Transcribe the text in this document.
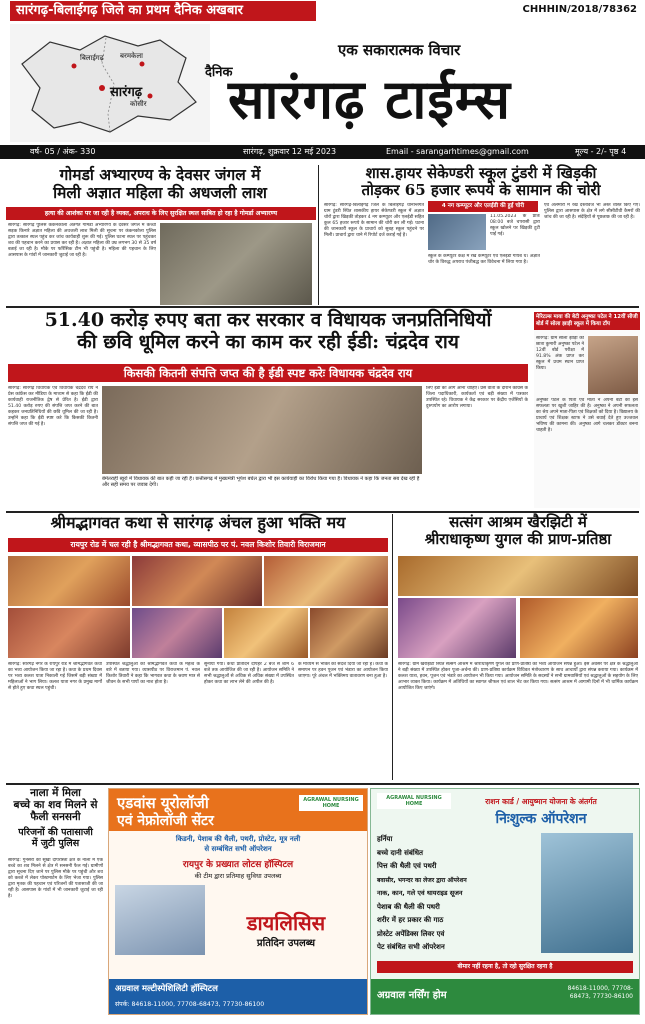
सारंगढ़-बिलाईगढ़ जिले का प्रथम दैनिक अखबार	CHHHIN/2018/78362
बिलाईगढ़ बरमकेला
कोसीर
सारंगढ़
एक सकारात्मक विचार
दैनिक
सारंगढ़ टाईम्स
वर्ष- 05 / अंक- 330	सारंगढ़, शुक्रवार 12 मई 2023	Email - sarangarhtimes@gmail.com	मूल्य - 2/- पृष्ठ 4
गोमर्डा अभ्यारण्य के देवसर जंगल में
मिली अज्ञात महिला की अधजली लाश
हत्या की आशंका पर जा रही है व्यक्त, अपराध के लिए सुरक्षित स्थल साबित हो रहा है गोमर्डा अभ्यारण्य
सारंगढ़: सारंगढ़ पुलिस कंकनकोला अंतर्गत गोमर्डा अभ्यारण्य के देवसर जंगल में कच्ची सड़क किनारे अज्ञात महिला की अधजली लाश मिली की सूचना पर कंकनकोला पुलिस द्वारा तत्काल स्थल पहुंच कर जांच कार्यवाही शुरू की गई। पुलिस घटना स्थल पर पहुंचकर शव की पहचान करने का प्रयास कर रही है। अज्ञात महिला की उम्र लगभग 30 से 35 वर्ष बताई जा रही है। मौके पर फॉरेंसिक टीम भी पहुंची है। महिला की पहचान के लिए आसपास के गांवों में जानकारी जुटाई जा रही है।
शास.हायर सेकेण्डरी स्कूल टुंडरी में खिड़की
तोड़कर 65 हजार रूपये के सामान की चोरी
सारंगढ़: सारंगढ़-बिलाईगढ़ जिले के बिलाईगढ़ थानान्तर्गत ग्राम टुंडरी स्थित शासकीय हायर सेकेण्डरी स्कूल में अज्ञात चोरों द्वारा खिड़की तोड़कर 4 नग कम्प्यूटर और एलईडी सहित कुल 65 हजार रूपये के सामान की चोरी कर ली गई। घटना की जानकारी स्कूल के प्राचार्य को सुबह स्कूल पहुंचने पर मिली। प्राचार्य द्वारा थाने में रिपोर्ट दर्ज कराई गई है।
4 नग कम्प्यूटर और एलईडी की हुई चोरी
11.05.2023 के प्रातः 08:00 बजे चपरासी द्वारा स्कूल खोलने पर खिड़की टूटी पाई गई।
स्कूल के कम्प्यूटर कक्ष में रखे कम्प्यूटर एवं एलईडी गायब थे। अज्ञात चोर के विरुद्ध अपराध पंजीबद्ध कर विवेचना में लिया गया है।
एवं अलमारी में रखे दस्तावेज भी अस्त व्यस्त किए गए। पुलिस द्वारा आसपास के क्षेत्र में लगे सीसीटीवी कैमरों की जांच की जा रही है। संदेहियों से पूछताछ की जा रही है।
51.40 करोड़ रुपए बता कर सरकार व विधायक जनप्रतिनिधियों
की छवि धूमिल करने का काम कर रही ईडी: चंद्रदेव राय
किसकी कितनी संपत्ति जप्त की है ईडी स्पष्ट करेः विधायक चंद्रदेव राय
सारंगढ़: सारंगढ़ विधायक एवं विधायक चंद्रदेव राय ने प्रेस कांफ्रेंस कर मीडिया के माध्यम से कहा कि ईडी की कार्यवाही राजनीतिक द्वेष से प्रेरित है। ईडी द्वारा 51.40 करोड़ रुपए की संपत्ति जप्त करने की बात कहकर जनप्रतिनिधियों की छवि धूमिल की जा रही है। उन्होंने कहा कि ईडी स्पष्ट करे कि किसकी कितनी संपत्ति जप्त की गई है।
बेमेतराही ब्यूरो में विधायक की बात कही जा रही है। छत्तीसगढ़ में मुख्यमंत्री भूपेश बघेल द्वारा भी इस कार्यवाही का विरोध किया गया है। विधायक ने कहा कि जनता सब देख रही है और सही समय पर जवाब देगी।
लिए ईडी को आगे आना चाहिए। प्रेस वार्ता के दौरान कांग्रेस के जिला पदाधिकारी, कार्यकर्ता एवं बड़ी संख्या में पत्रकार उपस्थित रहे। विधायक ने केंद्र सरकार पर केंद्रीय एजेंसियों के दुरुपयोग का आरोप लगाया।
मेरिटल्स माया की बेटी अनुष्का पटेल ने 12वीं सीजी बोर्ड में सोला झाड़ी स्कूल में किया टॉप
सारंगढ़: ग्राम सोला झाड़ी की छात्रा कुमारी अनुष्का पटेल ने 12वीं बोर्ड परीक्षा में 91.8% अंक प्राप्त कर स्कूल में प्रथम स्थान प्राप्त किया।
अनुष्का पटेल के पिता एवं माता ने अपनी बेटी की इस सफलता पर खुशी जाहिर की है। अनुष्का ने अपनी सफलता का श्रेय अपने माता-पिता एवं शिक्षकों को दिया है। विद्यालय के प्राचार्य एवं शिक्षक स्टाफ ने उसे बधाई देते हुए उज्जवल भविष्य की कामना की। अनुष्का आगे चलकर डॉक्टर बनना चाहती है।
श्रीमद्भागवत कथा से सारंगढ़ अंचल हुआ भक्ति मय
रायपुर रोड में चल रही है श्रीमद्भागवत कथा, व्यासपीठ पर पं. नवल किशोर तिवारी विराजमान
सारंगढ़: सारंगढ़ नगर के रायपुर रोड में श्रीमद्भागवत कथा का भव्य आयोजन किया जा रहा है। कथा के प्रथम दिवस पर भव्य कलश यात्रा निकाली गई जिसमें बड़ी संख्या में महिलाओं ने भाग लिया। कलश यात्रा नगर के प्रमुख मार्गों से होते हुए कथा स्थल पहुंची।
उपस्थित श्रद्धालुओं को श्रीमद्भागवत कथा के महत्व के बारे में बताया गया। व्यासपीठ पर विराजमान पं. नवल किशोर तिवारी ने कहा कि भागवत कथा के श्रवण मात्र से जीवन के सभी पापों का नाश होता है।
सुनाया गया। कथा प्रतिदिन दोपहर 2 बजे से शाम 6 बजे तक आयोजित की जा रही है। आयोजन समिति ने सभी श्रद्धालुओं से अधिक से अधिक संख्या में उपस्थित होकर कथा का लाभ लेने की अपील की है।
के माध्यम से भक्ति का संदेश दिया जा रहा है। कथा के समापन पर हवन पूजन एवं भंडारा का आयोजन किया जाएगा। पूरे अंचल में भक्तिमय वातावरण बना हुआ है।
सत्संग आश्रम खैरझिटी में
श्रीराधाकृष्ण युगल की प्राण-प्रतिष्ठा
सारंगढ़: ग्राम खैरझिटी स्थित सत्संग आश्रम में श्रीराधाकृष्ण युगल की प्राण-प्रतिष्ठा का भव्य आयोजन संपन्न हुआ। इस अवसर पर क्षेत्र के श्रद्धालुओं ने बड़ी संख्या में उपस्थित होकर पूजा-अर्चना की। प्राण-प्रतिष्ठा कार्यक्रम विधिवत मंत्रोच्चारण के साथ आचार्यों द्वारा संपन्न कराया गया। कार्यक्रम में कलश यात्रा, हवन, पूजन एवं भंडारे का आयोजन भी किया गया। आयोजन समिति के सदस्यों ने सभी ग्रामवासियों एवं श्रद्धालुओं के सहयोग के लिए आभार व्यक्त किया। कार्यक्रम में अतिथियों का स्वागत श्रीफल एवं शाल भेंट कर किया गया। सत्संग आश्रम में आगामी दिनों में भी धार्मिक कार्यक्रम आयोजित किए जाएंगे।
नाला में मिला
बच्चे का शव मिलने से
फैली सनसनी
परिजनों की पतासाजी
में जुटी पुलिस
सारंगढ़: गुनसरा की सूखा दोपरास्ता क्षेत्र के नाला में एक बच्चे का शव मिलने से क्षेत्र में सनसनी फैल गई। ग्रामीणों द्वारा सूचना दिए जाने पर पुलिस मौके पर पहुंची और शव को कब्जे में लेकर पोस्टमार्टम के लिए भेजा गया। पुलिस द्वारा मृतक की पहचान एवं परिजनों की पतासाजी की जा रही है। आसपास के गांवों में भी जानकारी जुटाई जा रही है।
एडवांस यूरोलॉजी
एवं नेफ्रोलॉजी सेंटर
AGRAWAL NURSING HOME
किडनी, पेशाब की थैली, पथरी, प्रोस्टेट, मूत्र नली
से सम्बंधित सभी ऑपरेशन
रायपुर के प्रख्यात लोटस हॉस्पिटल
की टीम द्वारा प्रतिमाह सुविधा उपलब्ध
डायलिसिस
प्रतिदिन उपलब्ध
अग्रवाल मल्टीस्पेशिलिटी हॉस्पिटल
संपर्क: 84618-11000, 77708-68473, 77730-86100
AGRAWAL NURSING HOME	राशन कार्ड / आयुष्मान योजना के अंतर्गत
निःशुल्क ऑपरेशन
हर्निया
बच्चे दानी संबंधित
पित्त की थैली एवं पथरी
बवासीर, भगन्दर का लेजर द्वारा ऑपरेशन
नाक, कान, गले एवं थायराइड सूजन
पेशाब की थैली की पथरी
शरीर में हर प्रकार की गाठ
प्रोस्टेट अपेंडिक्स लिवर एवं
पेट संबंधित सभी ऑपरेशन
बीमार नहीं रहना है, तो रहो सुरक्षित रहना है
अग्रवाल नर्सिंग होम
84618-11000, 77708-68473, 77730-86100
